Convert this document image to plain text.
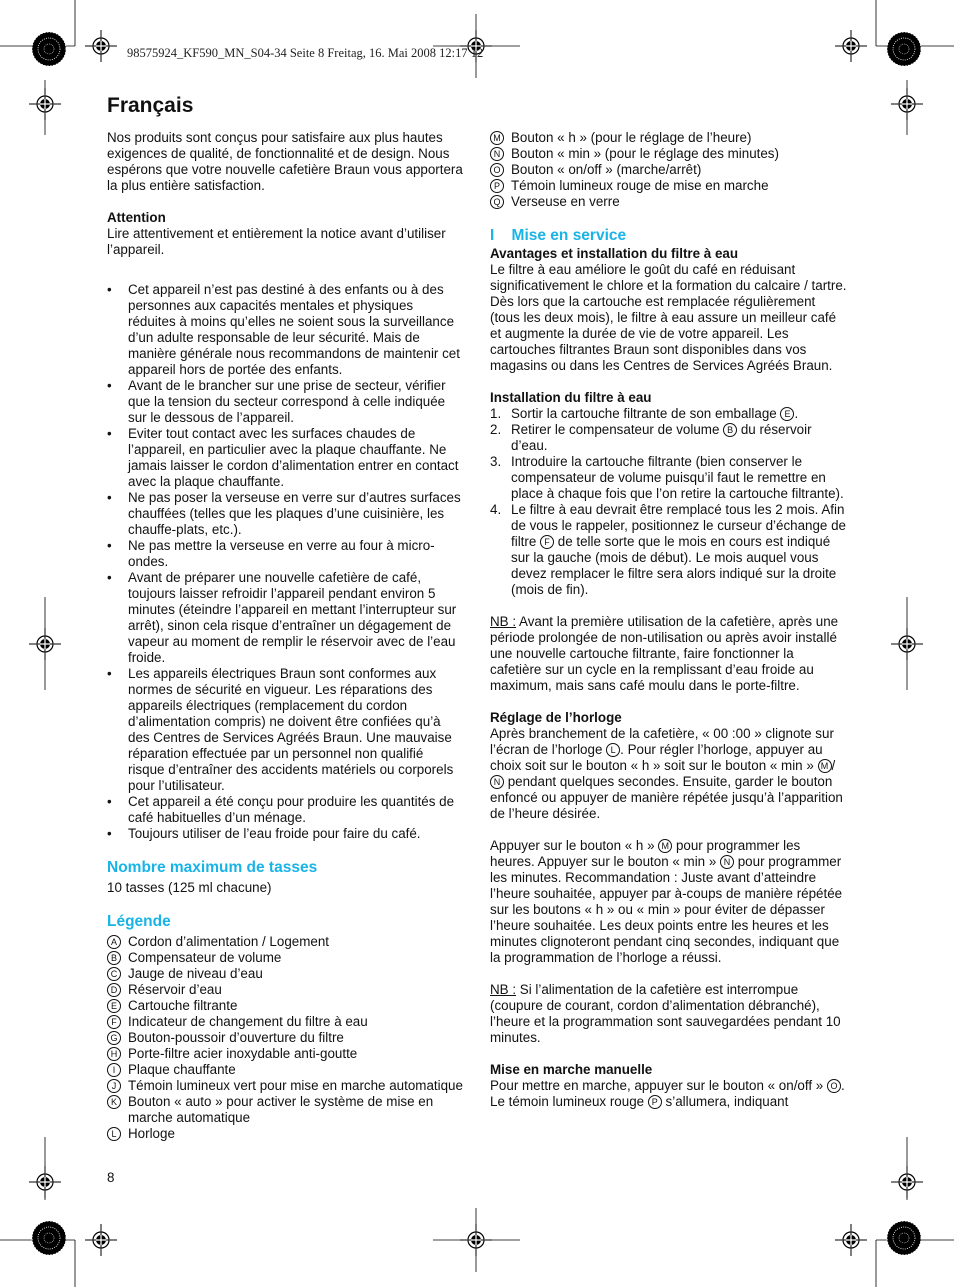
98575924_KF590_MN_S04-34 Seite 8 Freitag, 16. Mai 2008 12:17 12
Français

Nos produits sont conçus pour satisfaire aux plus hautes exigences de qualité, de fonctionnalité et de design. Nous espérons que votre nouvelle cafetière Braun vous apportera la plus entière satisfaction.

Attention

Lire attentivement et entièrement la notice avant d’utiliser l’appareil.

• Cet appareil n’est pas destiné à des enfants ou à des personnes aux capacités mentales et physiques réduites à moins qu’elles ne soient sous la surveillance d’un adulte responsable de leur sécurité. Mais de manière générale nous recommandons de maintenir cet appareil hors de portée des enfants.
• Avant de le brancher sur une prise de secteur, vérifier que la tension du secteur correspond à celle indiquée sur le dessous de l’appareil.
• Eviter tout contact avec les surfaces chaudes de l’appareil, en particulier avec la plaque chauffante. Ne jamais laisser le cordon d’alimentation entrer en contact avec la plaque chauffante.
• Ne pas poser la verseuse en verre sur d’autres surfaces chauffées (telles que les plaques d’une cuisinière, les chauffe-plats, etc.).
• Ne pas mettre la verseuse en verre au four à micro-ondes.
• Avant de préparer une nouvelle cafetière de café, toujours laisser refroidir l’appareil pendant environ 5 minutes (éteindre l’appareil en mettant l’interrupteur sur arrêt), sinon cela risque d’entraîner un dégagement de vapeur au moment de remplir le réservoir avec de l’eau froide.
• Les appareils électriques Braun sont conformes aux normes de sécurité en vigueur. Les réparations des appareils électriques (remplacement du cordon d’alimentation compris) ne doivent être confiées qu’à des Centres de Services Agréés Braun. Une mauvaise réparation effectuée par un personnel non qualifié risque d’entraîner des accidents matériels ou corporels pour l’utilisateur.
• Cet appareil a été conçu pour produire les quantités de café habituelles d’un ménage.
• Toujours utiliser de l’eau froide pour faire du café.

Nombre maximum de tasses

10 tasses (125 ml chacune)

Légende

A Cordon d’alimentation / Logement
B Compensateur de volume
C Jauge de niveau d’eau
D Réservoir d’eau
E Cartouche filtrante
F Indicateur de changement du filtre à eau
G Bouton-poussoir d’ouverture du filtre
H Porte-filtre acier inoxydable anti-goutte
I Plaque chauffante
J Témoin lumineux vert pour mise en marche automatique
K Bouton « auto » pour activer le système de mise en marche automatique
L Horloge
M Bouton « h » (pour le réglage de l’heure)
N Bouton « min » (pour le réglage des minutes)
O Bouton « on/off » (marche/arrêt)
P Témoin lumineux rouge de mise en marche
Q Verseuse en verre

I    Mise en service

Avantages et installation du filtre à eau

Le filtre à eau améliore le goût du café en réduisant significativement le chlore et la formation du calcaire / tartre. Dès lors que la cartouche est remplacée régulièrement (tous les deux mois), le filtre à eau assure un meilleur café et augmente la durée de vie de votre appareil. Les cartouches filtrantes Braun sont disponibles dans vos magasins ou dans les Centres de Services Agréés Braun.

Installation du filtre à eau

1. Sortir la cartouche filtrante de son emballage E .
2. Retirer le compensateur de volume B du réservoir d’eau.
3. Introduire la cartouche filtrante (bien conserver le compensateur de volume puisqu’il faut le remettre en place à chaque fois que l’on retire la cartouche filtrante).
4. Le filtre à eau devrait être remplacé tous les 2 mois. Afin de vous le rappeler, positionnez le curseur d’échange de filtre F de telle sorte que le mois en cours est indiqué sur la gauche (mois de début). Le mois auquel vous devez remplacer le filtre sera alors indiqué sur la droite (mois de fin).

NB : Avant la première utilisation de la cafetière, après une période prolongée de non-utilisation ou après avoir installé une nouvelle cartouche filtrante, faire fonctionner la cafetière sur un cycle en la remplissant d’eau froide au maximum, mais sans café moulu dans le porte-filtre.

Réglage de l’horloge

Après branchement de la cafetière, « 00 :00 » clignote sur l’écran de l’horloge L . Pour régler l’horloge, appuyer au choix soit sur le bouton « h » soit sur le bouton « min » M /N pendant quelques secondes. Ensuite, garder le bouton enfoncé ou appuyer de manière répétée jusqu’à l’apparition de l’heure désirée.

Appuyer sur le bouton « h » M pour programmer les heures. Appuyer sur le bouton « min » N pour programmer les minutes. Recommandation : Juste avant d’atteindre l’heure souhaitée, appuyer par à-coups de manière répétée sur les boutons « h » ou « min » pour éviter de dépasser l’heure souhaitée. Les deux points entre les heures et les minutes clignoteront pendant cinq secondes, indiquant que la programmation de l’horloge a réussi.

NB : Si l’alimentation de la cafetière est interrompue (coupure de courant, cordon d’alimentation débranché), l’heure et la programmation sont sauvegardées pendant 10 minutes.

Mise en marche manuelle

Pour mettre en marche, appuyer sur le bouton « on/off » O . Le témoin lumineux rouge P s’allumera, indiquant

8
